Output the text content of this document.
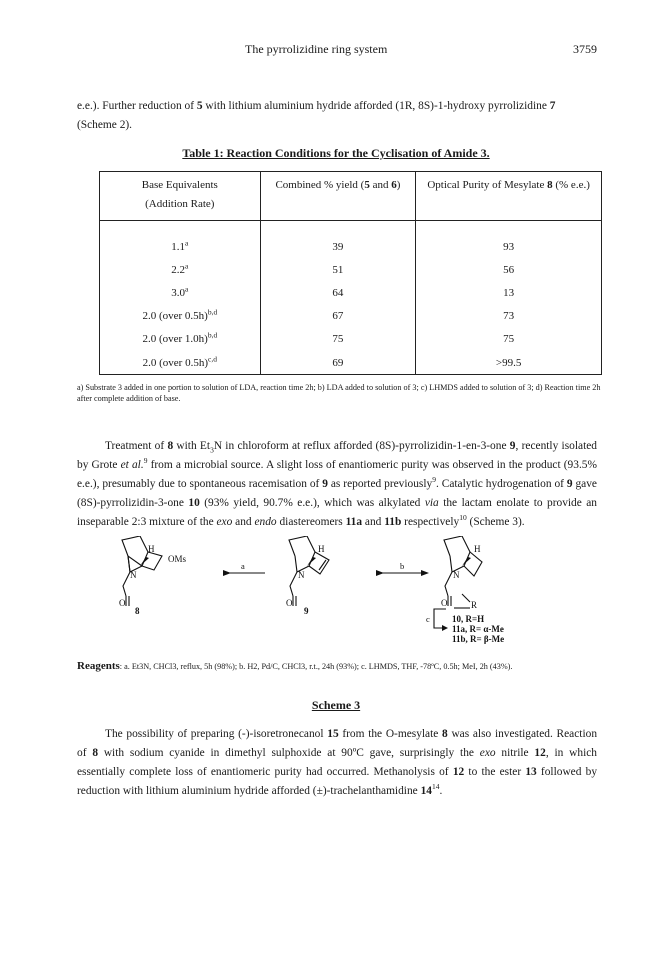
The pyrrolizidine ring system	3759
e.e.). Further reduction of 5 with lithium aluminium hydride afforded (1R, 8S)-1-hydroxy pyrrolizidine 7
(Scheme 2).
Table 1: Reaction Conditions for the Cyclisation of Amide 3.
Base Equivalents
(Addition Rate)	Combined % yield (5 and 6)	Optical Purity of Mesylate 8 (% e.e.)
1.1$^a$	39	93
2.2$^a$	51	56
3.0$^a$	64	13
2.0 (over 0.5h)$^{b,d}$	67	73
2.0 (over 1.0h)$^{b,d}$	75	75
2.0 (over 0.5h)$^{c,d}$	69	>99.5
a) Substrate 3 added in one portion to solution of LDA, reaction time 2h; b) LDA added to solution of 3; c) LHMDS added to solution of 3; d) Reaction time 2h after complete addition of base.
Treatment of 8 with $Et_3N$ in chloroform at reflux afforded (8S)-pyrrolizidin-1-en-3-one 9, recently isolated by Grote et al.$^9$ from a microbial source. A slight loss of enantiomeric purity was observed in the product (93.5% e.e.), presumably due to spontaneous racemisation of 9 as reported previously$^9$. Catalytic hydrogenation of 9 gave (8S)-pyrrolizidin-3-one 10 (93% yield, 90.7% e.e.), which was alkylated via the lactam enolate to provide an inseparable 2:3 mixture of the exo and endo diastereomers 11a and 11b respectively$^{10}$ (Scheme 3).
H
OMs
N
O
8
a
H
N
O
9
b
H
N
O	R
c 10, R=H
11a, R= α-Me
11b, R= β-Me
Reagents: a. Et3N, CHCl3, reflux, 5h (98%); b. H2, Pd/C, CHCl3, r.t., 24h (93%); c. LHMDS, THF, -78ºC, 0.5h; MeI, 2h (43%).
Scheme 3
The possibility of preparing (-)-isoretronecanol 15 from the O-mesylate 8 was also investigated. Reaction of 8 with sodium cyanide in dimethyl sulphoxide at 90ºC gave, surprisingly the exo nitrile 12, in which essentially complete loss of enantiomeric purity had occurred. Methanolysis of 12 to the ester 13 followed by reduction with lithium aluminium hydride afforded (±)-trachelanthamidine $14^{14}$.
